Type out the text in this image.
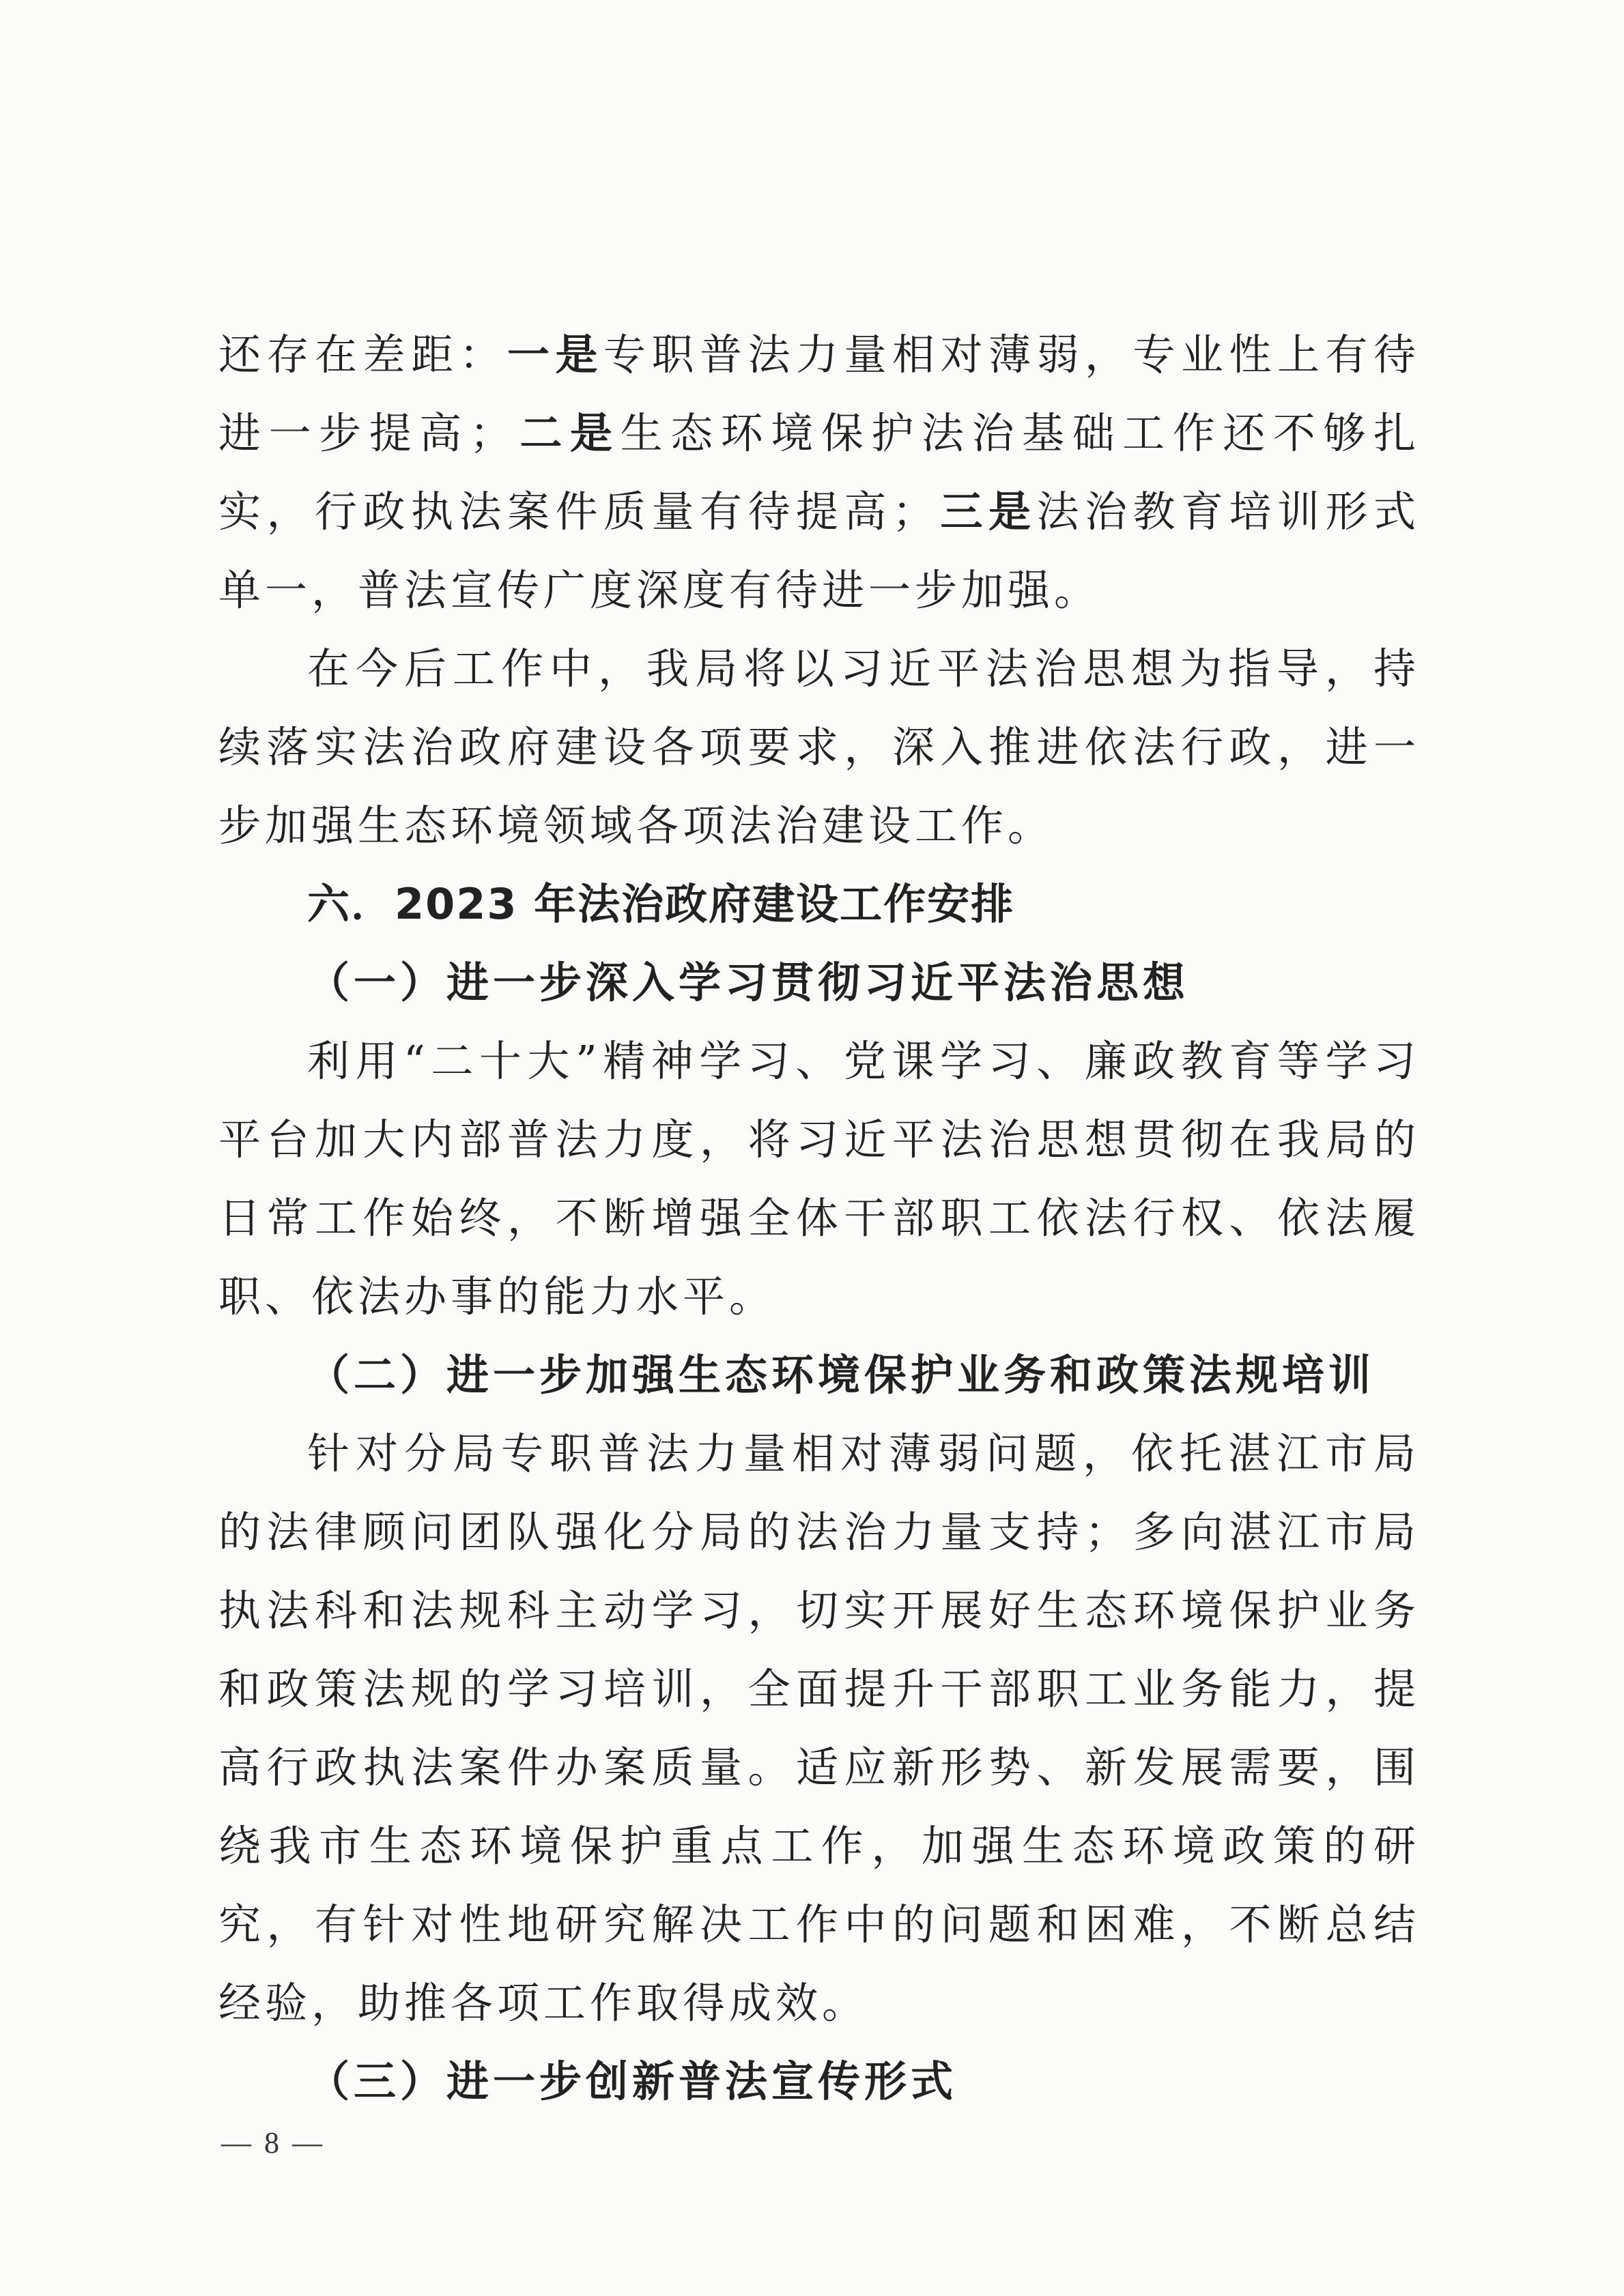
还存在差距：一是专职普法力量相对薄弱，专业性上有待进一步提高；二是生态环境保护法治基础工作还不够扎实，行政执法案件质量有待提高；三是法治教育培训形式单一，普法宣传广度深度有待进一步加强。

在今后工作中，我局将以习近平法治思想为指导，持续落实法治政府建设各项要求，深入推进依法行政，进一步加强生态环境领域各项法治建设工作。

六．2023 年法治政府建设工作安排

（一）进一步深入学习贯彻习近平法治思想

利用“二十大”精神学习、党课学习、廉政教育等学习平台加大内部普法力度，将习近平法治思想贯彻在我局的 日常工作始终，不断增强全体干部职工依法行权、依法履职、依法办事的能力水平。

（二）进一步加强生态环境保护业务和政策法规培训

针对分局专职普法力量相对薄弱问题，依托湛江市局的法律顾问团队强化分局的法治力量支持；多向湛江市局执法科和法规科主动学习，切实开展好生态环境保护业务和政策法规的学习培训，全面提升干部职工业务能力，提高行政执法案件办案质量。适应新形势、新发展需要，围绕我市生态环境保护重点工作，加强生态环境政策的研究，有针对性地研究解决工作中的问题和困难，不断总结经验，助推各项工作取得成效。

（三）进一步创新普法宣传形式

— 8 —
